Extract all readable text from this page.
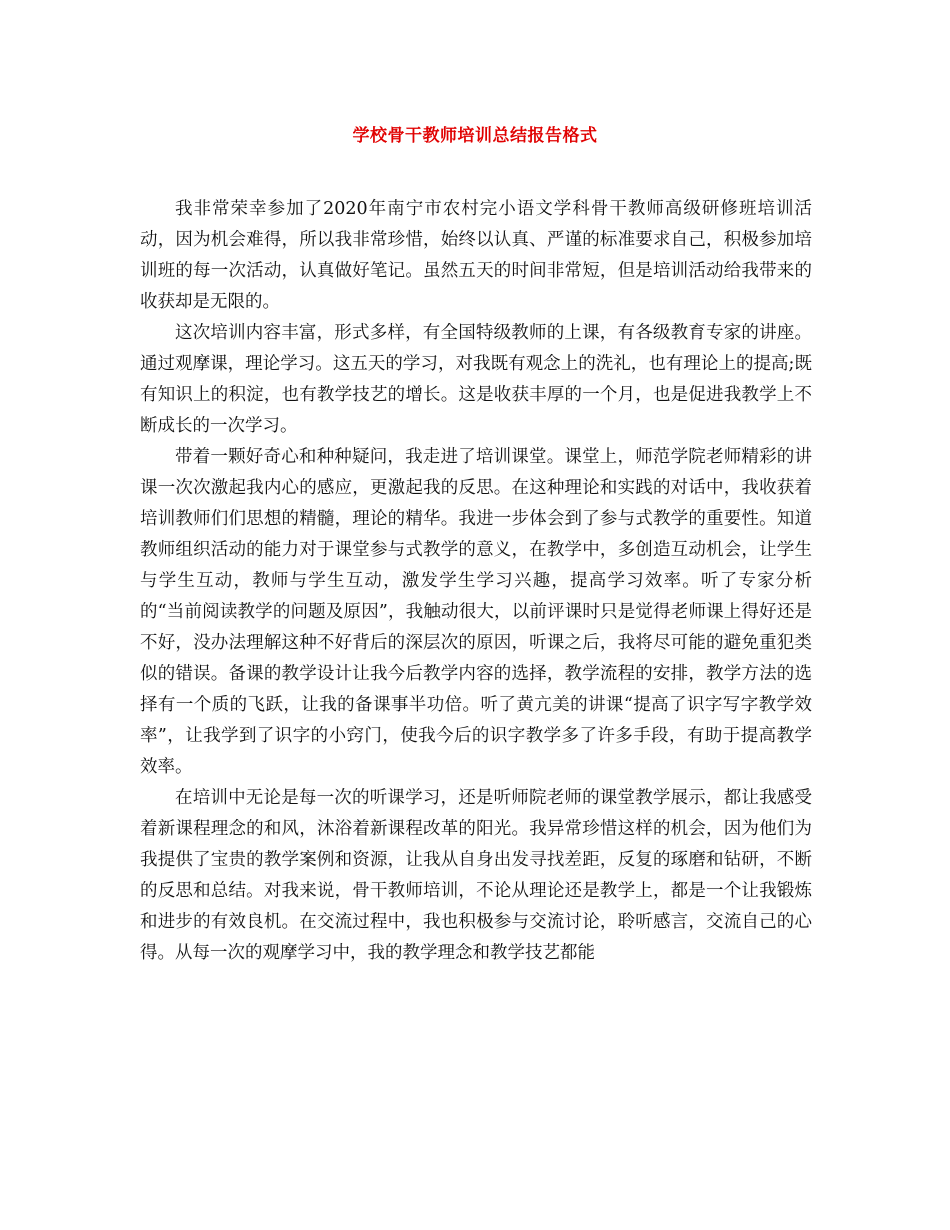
学校骨干教师培训总结报告格式

我非常荣幸参加了2020年南宁市农村完小语文学科骨干教师高级研修班培训活动，因为机会难得，所以我非常珍惜，始终以认真、严谨的标准要求自己，积极参加培训班的每一次活动，认真做好笔记。虽然五天的时间非常短，但是培训活动给我带来的收获却是无限的。

这次培训内容丰富，形式多样，有全国特级教师的上课，有各级教育专家的讲座。通过观摩课，理论学习。这五天的学习，对我既有观念上的洗礼，也有理论上的提高;既有知识上的积淀，也有教学技艺的增长。这是收获丰厚的一个月，也是促进我教学上不断成长的一次学习。

带着一颗好奇心和种种疑问，我走进了培训课堂。课堂上，师范学院老师精彩的讲课一次次激起我内心的感应，更激起我的反思。在这种理论和实践的对话中，我收获着培训教师们们思想的精髓，理论的精华。我进一步体会到了参与式教学的重要性。知道教师组织活动的能力对于课堂参与式教学的意义，在教学中，多创造互动机会，让学生与学生互动，教师与学生互动，激发学生学习兴趣，提高学习效率。听了专家分析的“当前阅读教学的问题及原因”，我触动很大，以前评课时只是觉得老师课上得好还是不好，没办法理解这种不好背后的深层次的原因，听课之后，我将尽可能的避免重犯类似的错误。备课的教学设计让我今后教学内容的选择，教学流程的安排，教学方法的选择有一个质的飞跃，让我的备课事半功倍。听了黄亢美的讲课“提高了识字写字教学效率”，让我学到了识字的小窍门，使我今后的识字教学多了许多手段，有助于提高教学效率。

在培训中无论是每一次的听课学习，还是听师院老师的课堂教学展示，都让我感受着新课程理念的和风，沐浴着新课程改革的阳光。我异常珍惜这样的机会，因为他们为我提供了宝贵的教学案例和资源，让我从自身出发寻找差距，反复的琢磨和钻研，不断的反思和总结。对我来说，骨干教师培训，不论从理论还是教学上，都是一个让我锻炼和进步的有效良机。在交流过程中，我也积极参与交流讨论，聆听感言，交流自己的心得。从每一次的观摩学习中，我的教学理念和教学技艺都能
